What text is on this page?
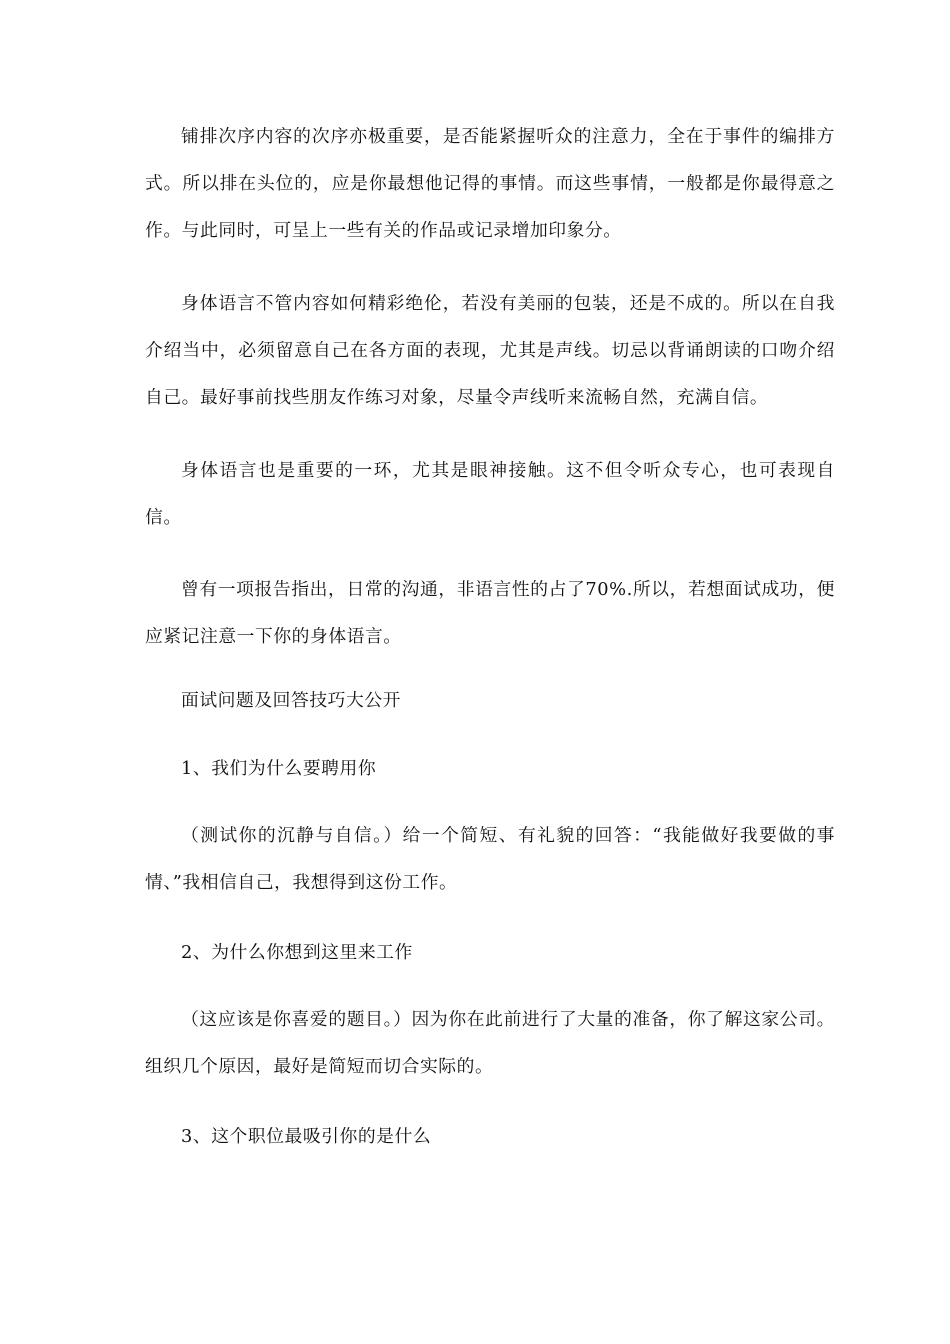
铺排次序内容的次序亦极重要，是否能紧握听众的注意力，全在于事件的编排方式。所以排在头位的，应是你最想他记得的事情。而这些事情，一般都是你最得意之作。与此同时，可呈上一些有关的作品或记录增加印象分。

身体语言不管内容如何精彩绝伦，若没有美丽的包装，还是不成的。所以在自我介绍当中，必须留意自己在各方面的表现，尤其是声线。切忌以背诵朗读的口吻介绍自己。最好事前找些朋友作练习对象，尽量令声线听来流畅自然，充满自信。

身体语言也是重要的一环，尤其是眼神接触。这不但令听众专心，也可表现自信。

曾有一项报告指出，日常的沟通，非语言性的占了70%.所以，若想面试成功，便应紧记注意一下你的身体语言。

面试问题及回答技巧大公开

1、我们为什么要聘用你

（测试你的沉静与自信。）给一个简短、有礼貌的回答：“我能做好我要做的事情、”我相信自己，我想得到这份工作。

2、为什么你想到这里来工作

（这应该是你喜爱的题目。）因为你在此前进行了大量的准备，你了解这家公司。组织几个原因，最好是简短而切合实际的。

3、这个职位最吸引你的是什么
